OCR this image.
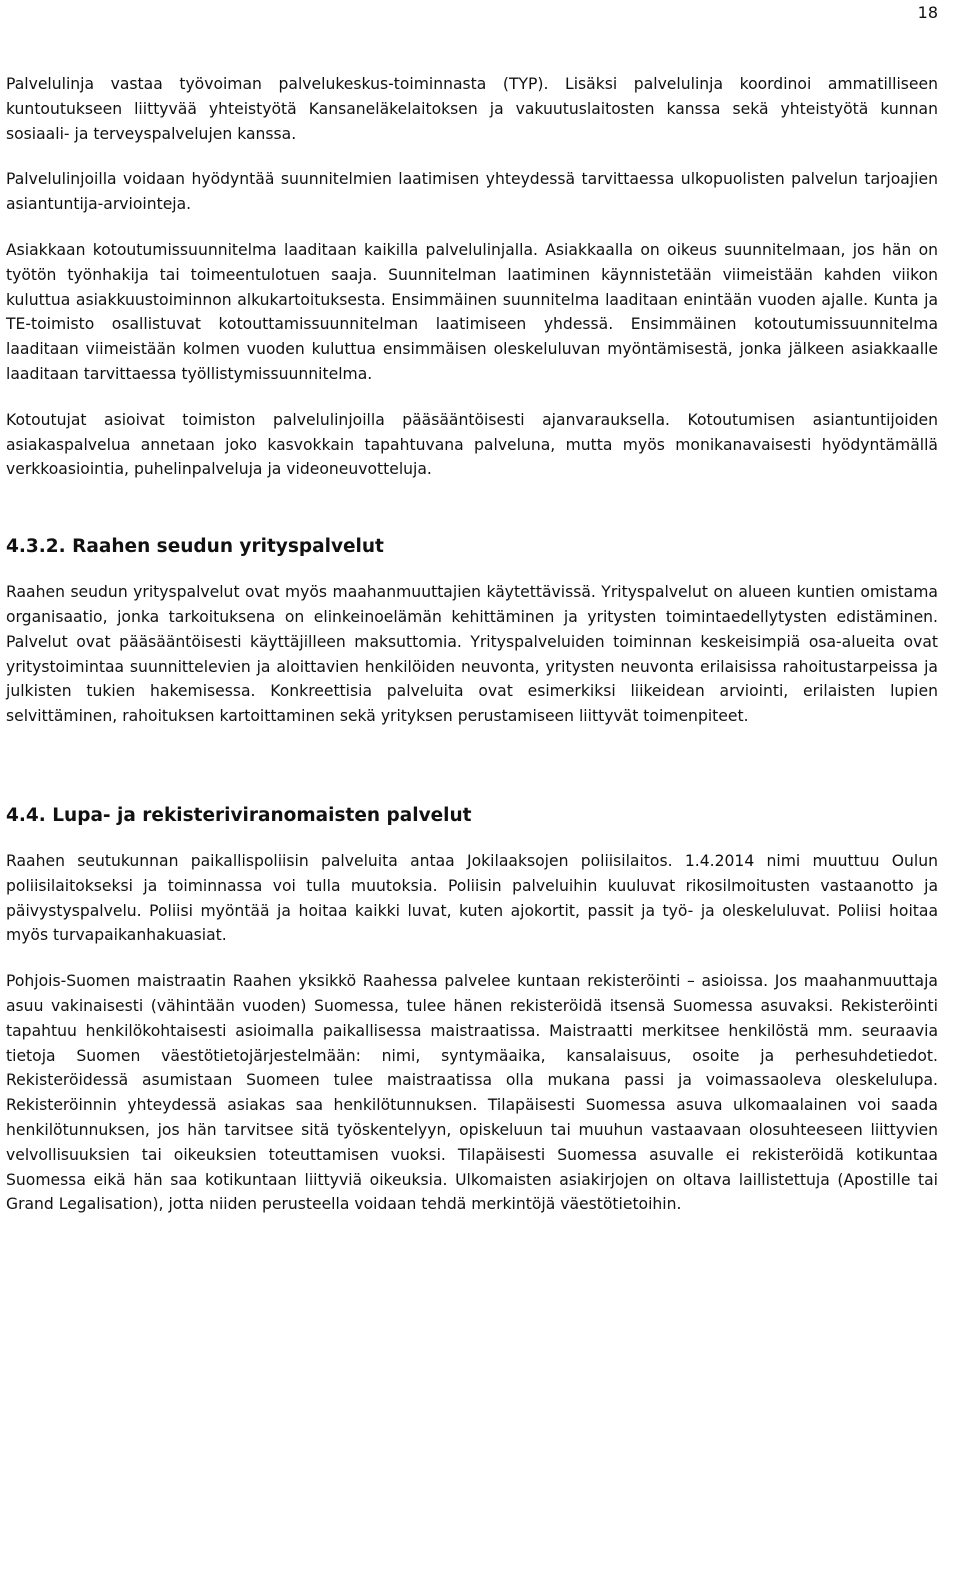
18

Palvelulinja vastaa työvoiman palvelukeskus-toiminnasta (TYP). Lisäksi palvelulinja koordinoi ammatilliseen kuntoutukseen liittyvää yhteistyötä Kansaneläkelaitoksen ja vakuutuslaitosten kanssa sekä yhteistyötä kunnan sosiaali- ja terveyspalvelujen kanssa.

Palvelulinjoilla voidaan hyödyntää suunnitelmien laatimisen yhteydessä tarvittaessa ulkopuolisten palvelun tarjoajien asiantuntija-arviointeja.

Asiakkaan kotoutumissuunnitelma laaditaan kaikilla palvelulinjalla. Asiakkaalla on oikeus suunnitelmaan, jos hän on työtön työnhakija tai toimeentulotuen saaja. Suunnitelman laatiminen käynnistetään viimeistään kahden viikon kuluttua asiakkuustoiminnon alkukartoituksesta. Ensimmäinen suunnitelma laaditaan enintään vuoden ajalle. Kunta ja TE-toimisto osallistuvat kotouttamissuunnitelman laatimiseen yhdessä. Ensimmäinen kotoutumissuunnitelma laaditaan viimeistään kolmen vuoden kuluttua ensimmäisen oleskeluluvan myöntämisestä, jonka jälkeen asiakkaalle laaditaan tarvittaessa työllistymissuunnitelma.

Kotoutujat asioivat toimiston palvelulinjoilla pääsääntöisesti ajanvarauksella. Kotoutumisen asiantuntijoiden asiakaspalvelua annetaan joko kasvokkain tapahtuvana palveluna, mutta myös monikanavaisesti hyödyntämällä verkkoasiointia, puhelinpalveluja ja videoneuvotteluja.

4.3.2. Raahen seudun yrityspalvelut

Raahen seudun yrityspalvelut ovat myös maahanmuuttajien käytettävissä. Yrityspalvelut on alueen kuntien omistama organisaatio, jonka tarkoituksena on elinkeinoelämän kehittäminen ja yritysten toimintaedellytysten edistäminen. Palvelut ovat pääsääntöisesti käyttäjilleen maksuttomia. Yrityspalveluiden toiminnan keskeisimpiä osa-alueita ovat yritystoimintaa suunnittelevien ja aloittavien henkilöiden neuvonta, yritysten neuvonta erilaisissa rahoitustarpeissa ja julkisten tukien hakemisessa. Konkreettisia palveluita ovat esimerkiksi liikeidean arviointi, erilaisten lupien selvittäminen, rahoituksen kartoittaminen sekä yrityksen perustamiseen liittyvät toimenpiteet.

4.4. Lupa- ja rekisteriviranomaisten palvelut

Raahen seutukunnan paikallispoliisin palveluita antaa Jokilaaksojen poliisilaitos. 1.4.2014 nimi muuttuu Oulun poliisilaitokseksi ja toiminnassa voi tulla muutoksia. Poliisin palveluihin kuuluvat rikosilmoitusten vastaanotto ja päivystyspalvelu. Poliisi myöntää ja hoitaa kaikki luvat, kuten ajokortit, passit ja työ- ja oleskeluluvat. Poliisi hoitaa myös turvapaikanhakuasiat.

Pohjois-Suomen maistraatin Raahen yksikkö Raahessa palvelee kuntaan rekisteröinti – asioissa. Jos maahanmuuttaja asuu vakinaisesti (vähintään vuoden) Suomessa, tulee hänen rekisteröidä itsensä Suomessa asuvaksi. Rekisteröinti tapahtuu henkilökohtaisesti asioimalla paikallisessa maistraatissa. Maistraatti merkitsee henkilöstä mm. seuraavia tietoja Suomen väestötietojärjestelmään: nimi, syntymäaika, kansalaisuus, osoite ja perhesuhdetiedot. Rekisteröidessä asumistaan Suomeen tulee maistraatissa olla mukana passi ja voimassaoleva oleskelulupa. Rekisteröinnin yhteydessä asiakas saa henkilötunnuksen. Tilapäisesti Suomessa asuva ulkomaalainen voi saada henkilötunnuksen, jos hän tarvitsee sitä työskentelyyn, opiskeluun tai muuhun vastaavaan olosuhteeseen liittyvien velvollisuuksien tai oikeuksien toteuttamisen vuoksi. Tilapäisesti Suomessa asuvalle ei rekisteröidä kotikuntaa Suomessa eikä hän saa kotikuntaan liittyviä oikeuksia. Ulkomaisten asiakirjojen on oltava laillistettuja (Apostille tai Grand Legalisation), jotta niiden perusteella voidaan tehdä merkintöjä väestötietoihin.
